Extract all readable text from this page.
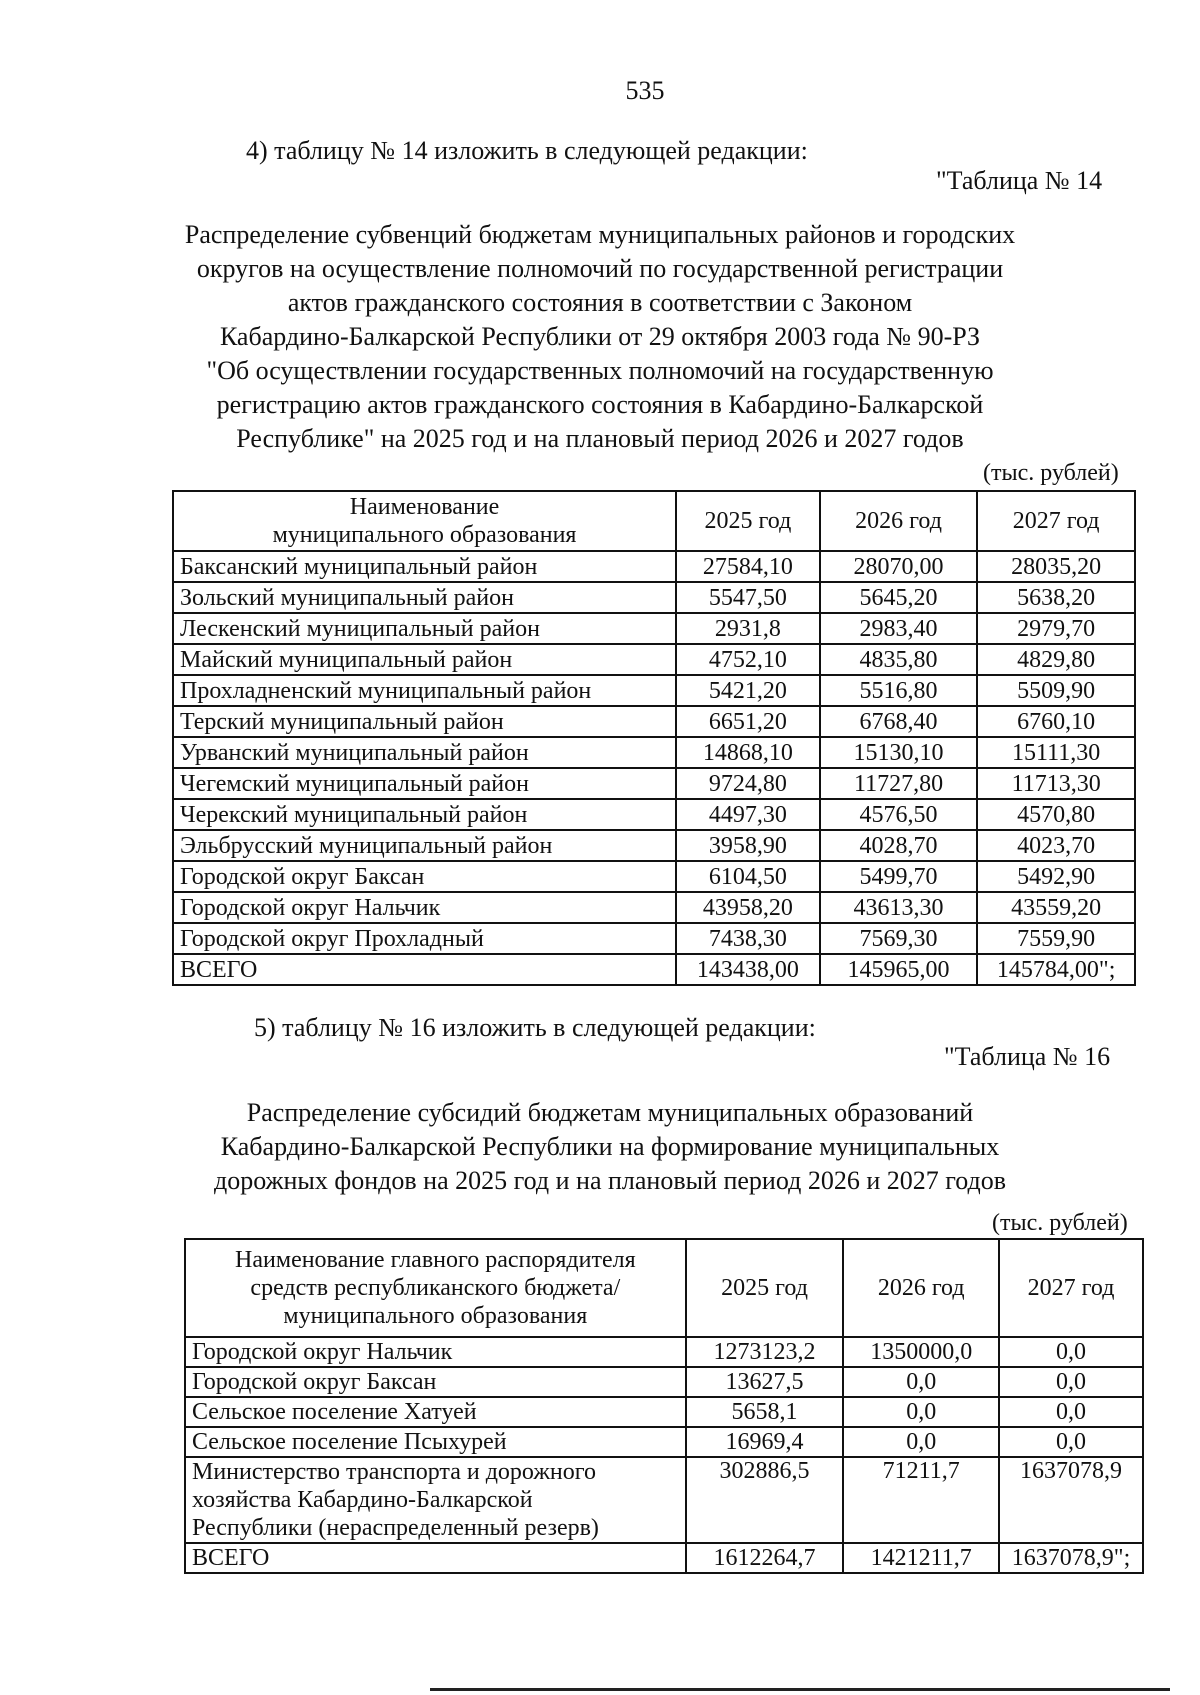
535
4) таблицу № 14 изложить в следующей редакции:
"Таблица № 14
Распределение субвенций бюджетам муниципальных районов и городских
округов на осуществление полномочий по государственной регистрации
актов гражданского состояния в соответствии с Законом
Кабардино-Балкарской Республики от 29 октября 2003 года № 90-РЗ
"Об осуществлении государственных полномочий на государственную
регистрацию актов гражданского состояния в Кабардино-Балкарской
Республике" на 2025 год и на плановый период 2026 и 2027 годов
(тыс. рублей)
Наименование
муниципального образования	2025 год	2026 год	2027 год
Баксанский муниципальный район	27584,10	28070,00	28035,20
Зольский муниципальный район	5547,50	5645,20	5638,20
Лескенский муниципальный район	2931,8	2983,40	2979,70
Майский муниципальный район	4752,10	4835,80	4829,80
Прохладненский муниципальный район	5421,20	5516,80	5509,90
Терский муниципальный район	6651,20	6768,40	6760,10
Урванский муниципальный район	14868,10	15130,10	15111,30
Чегемский муниципальный район	9724,80	11727,80	11713,30
Черекский муниципальный район	4497,30	4576,50	4570,80
Эльбрусский муниципальный район	3958,90	4028,70	4023,70
Городской округ Баксан	6104,50	5499,70	5492,90
Городской округ Нальчик	43958,20	43613,30	43559,20
Городской округ Прохладный	7438,30	7569,30	7559,90
ВСЕГО	143438,00	145965,00	145784,00";
5) таблицу № 16 изложить в следующей редакции:
"Таблица № 16
Распределение субсидий бюджетам муниципальных образований
Кабардино-Балкарской Республики на формирование муниципальных
дорожных фондов на 2025 год и на плановый период 2026 и 2027 годов
(тыс. рублей)
Наименование главного распорядителя
средств республиканского бюджета/
муниципального образования	2025 год	2026 год	2027 год
Городской округ Нальчик	1273123,2	1350000,0	0,0
Городской округ Баксан	13627,5	0,0	0,0
Сельское поселение Хатуей	5658,1	0,0	0,0
Сельское поселение Псыхурей	16969,4	0,0	0,0

Министерство транспорта и дорожного
хозяйства Кабардино-Балкарской
Республики (нераспределенный резерв)	302886,5	71211,7	1637078,9
ВСЕГО	1612264,7	1421211,7	1637078,9";
